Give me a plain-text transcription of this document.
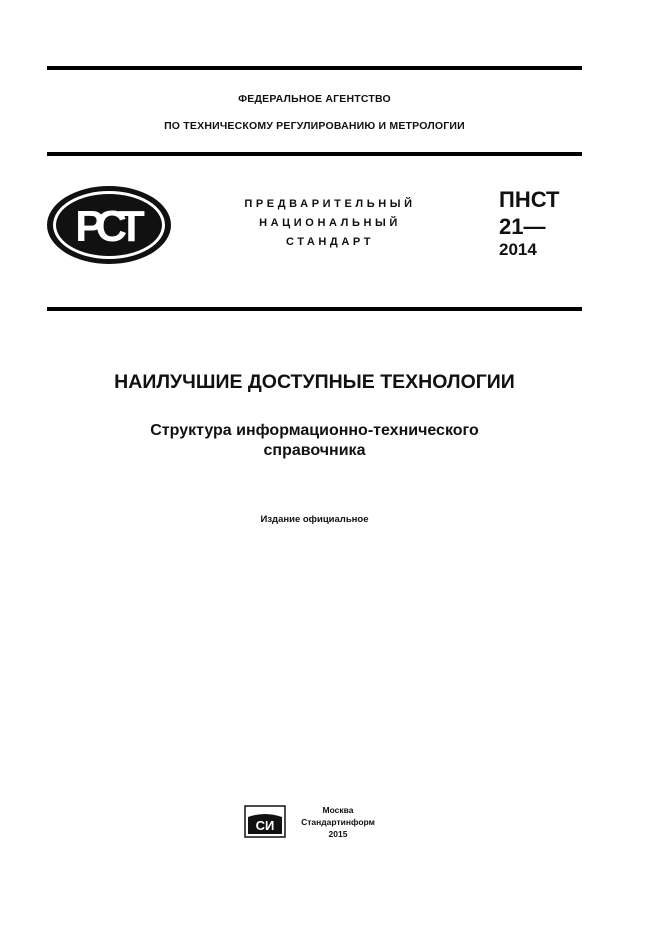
ФЕДЕРАЛЬНОЕ АГЕНТСТВО
ПО ТЕХНИЧЕСКОМУ РЕГУЛИРОВАНИЮ И МЕТРОЛОГИИ
РСТ	ПРЕДВАРИТЕЛЬНЫЙ
НАЦИОНАЛЬНЫЙ
СТАНДАРТ
ПНСТ
21—
2014
НАИЛУЧШИЕ ДОСТУПНЫЕ ТЕХНОЛОГИИ
Структура информационно-технического
справочника
Издание официальное
СИ
Москва
Стандартинформ
2015
